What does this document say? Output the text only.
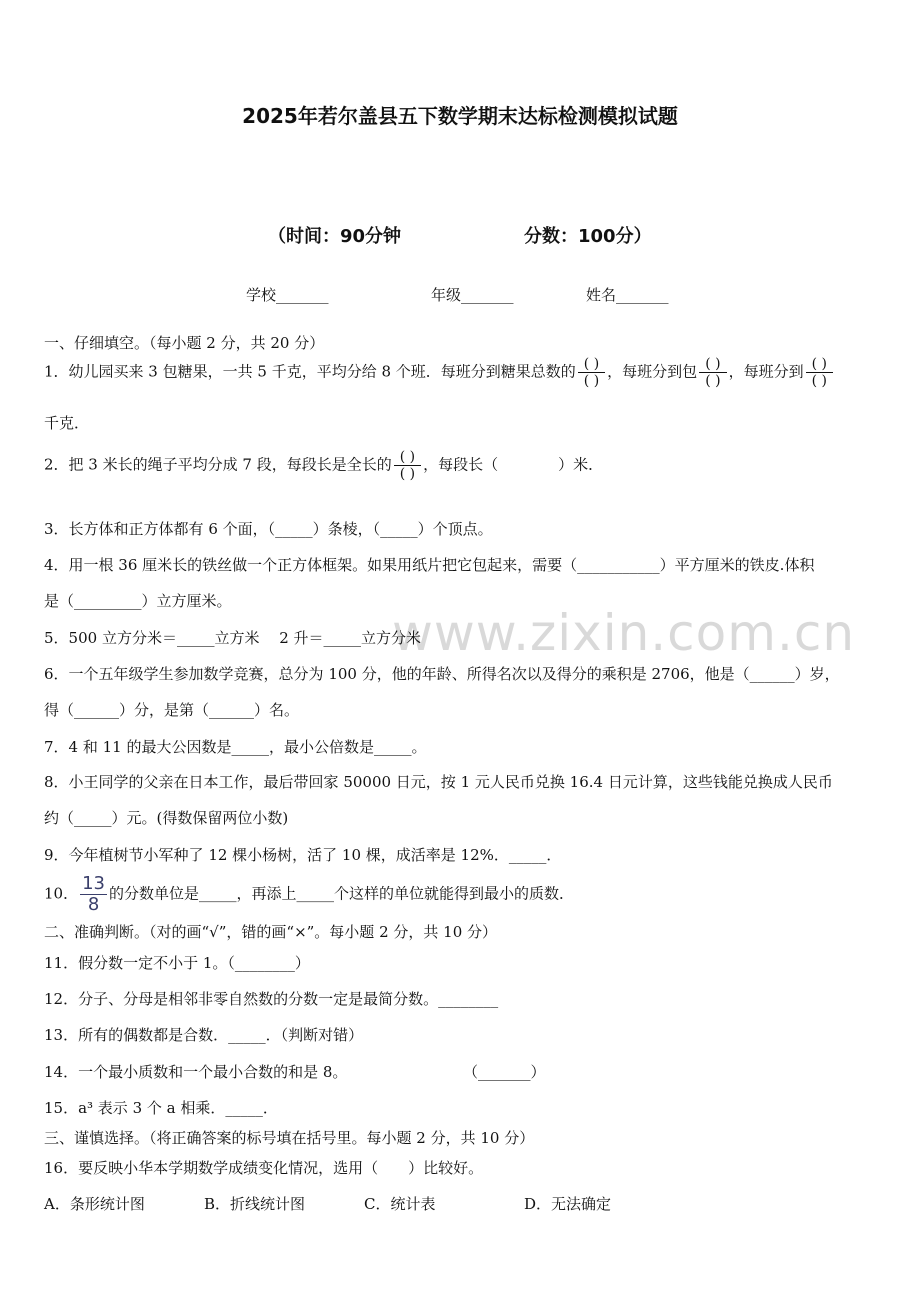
2025年若尔盖县五下数学期末达标检测模拟试题
（时间：90分钟	分数：100分）
学校_______	年级_______	姓名_______
www.zixin.com.cn
一、仔细填空。（每小题 2 分，共 20 分）
1．幼儿园买来 3 包糖果，一共 5 千克，平均分给 8 个班．每班分到糖果总数的 $\frac{( )}{( )}$ ，每班分到包 $\frac{( )}{( )}$ ，每班分到 $\frac{( )}{( )}$
千克．
2．把 3 米长的绳子平均分成 7 段，每段长是全长的 $\frac{( )}{( )}$ ，每段长（　　　　）米．
3．长方体和正方体都有 6 个面，（_____）条棱，（_____）个顶点。
4．用一根 36 厘米长的铁丝做一个正方体框架。如果用纸片把它包起来，需要（___________）平方厘米的铁皮.体积
是（_________）立方厘米。
5．500 立方分米＝_____立方米　 2 升＝_____立方分米
6．一个五年级学生参加数学竞赛，总分为 100 分，他的年龄、所得名次以及得分的乘积是 2706，他是（______）岁，
得（______）分，是第（______）名。
7．4 和 11 的最大公因数是_____，最小公倍数是_____。
8．小王同学的父亲在日本工作，最后带回家 50000 日元，按 1 元人民币兑换 16.4 日元计算，这些钱能兑换成人民币
约（_____）元。(得数保留两位小数)
9．今年植树节小军种了 12 棵小杨树，活了 10 棵，成活率是 12%．_____．
10． $\frac{13}{8}$ 的分数单位是_____，再添上_____个这样的单位就能得到最小的质数．
二、准确判断。（对的画“√”，错的画“×”。每小题 2 分，共 10 分）
11．假分数一定不小于 1。（________）
12．分子、分母是相邻非零自然数的分数一定是最简分数。________
13．所有的偶数都是合数．_____．（判断对错）
14．一个最小质数和一个最小合数的和是 8。	（_______）
15．a³ 表示 3 个 a 相乘．_____．
三、谨慎选择。（将正确答案的标号填在括号里。每小题 2 分，共 10 分）
16．要反映小华本学期数学成绩变化情况，选用（　　）比较好。
A．条形统计图	B．折线统计图	C．统计表	D．无法确定
